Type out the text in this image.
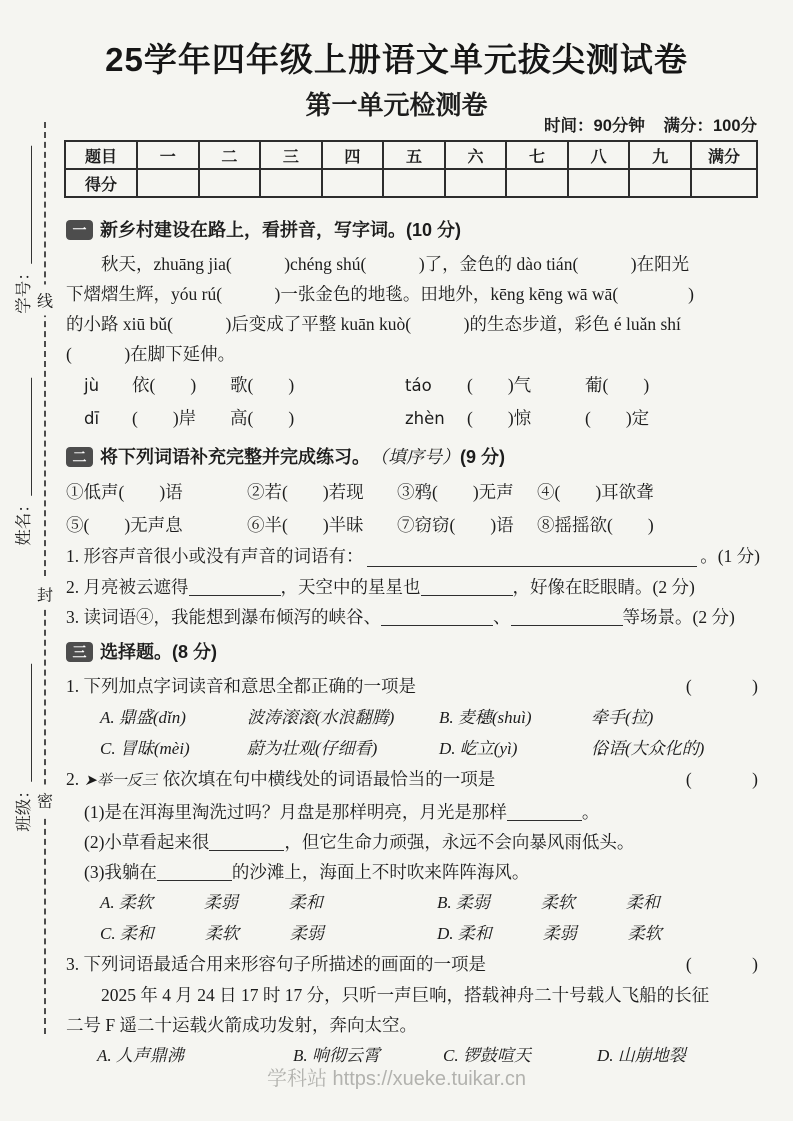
25学年四年级上册语文单元拔尖测试卷
第一单元检测卷
时间：90分钟 满分：100分
题目	一	二	三	四	五	六	七	八	九	满分
得分										
学号：
姓名：
班级：
线
封
密
一 新乡村建设在路上，看拼音，写字词。(10 分)
秋天，zhuāng jia(　　　)chéng shú(　　　)了，金色的 dào tián(　　　)在阳光
下熠熠生辉，yóu rú(　　　)一张金色的地毯。田地外，kēng kēng wā wā(　　　　)
的小路 xiū bǔ(　　　)后变成了平整 kuān kuò(　　　)的生态步道，彩色 é luǎn shí
(　　　)在脚下延伸。
jù	依(　　)	歌(　　)	táo	(　　)气	葡(　　)
dī	(　　)岸	高(　　)	zhèn	(　　)惊	(　　)定
二 将下列词语补充完整并完成练习。 （填序号） (9 分)
①低声(　　)语	②若(　　)若现	③鸦(　　)无声	④(　　)耳欲聋
⑤(　　)无声息	⑥半(　　)半昧	⑦窃窃(　　)语	⑧摇摇欲(　　)
1. 形容声音很小或没有声音的词语有：	。(1 分)
2. 月亮被云遮得	，天空中的星星也	，好像在眨眼睛。(2 分)
3. 读词语④，我能想到瀑布倾泻的峡谷、	、	等场景。(2 分)
三 选择题。(8 分)
1. 下列加点字词读音和意思全都正确的一项是	(　　　)
A. 鼎盛(dǐn)	波涛滚滚(水浪翻腾)	B. 麦穗(shuì)	牵手(拉)
C. 冒昧(mèi)	蔚为壮观(仔细看)	D. 屹立(yì)	俗语(大众化的)
2. ➤举一反三 依次填在句中横线处的词语最恰当的一项是	(　　　)
(1)是在洱海里淘洗过吗？月盘是那样明亮，月光是那样	。
(2)小草看起来很	，但它生命力顽强，永远不会向暴风雨低头。
(3)我躺在	的沙滩上，海面上不时吹来阵阵海风。
A. 柔软　　　柔弱　　　柔和	B. 柔弱　　　柔软　　　柔和
C. 柔和　　　柔软　　　柔弱	D. 柔和　　　柔弱　　　柔软
3. 下列词语最适合用来形容句子所描述的画面的一项是	(　　　)
2025 年 4 月 24 日 17 时 17 分，只听一声巨响，搭载神舟二十号载人飞船的长征
二号 F 遥二十运载火箭成功发射，奔向太空。
A. 人声鼎沸	B. 响彻云霄	C. 锣鼓喧天	D. 山崩地裂
学科站 https://xueke.tuikar.cn
